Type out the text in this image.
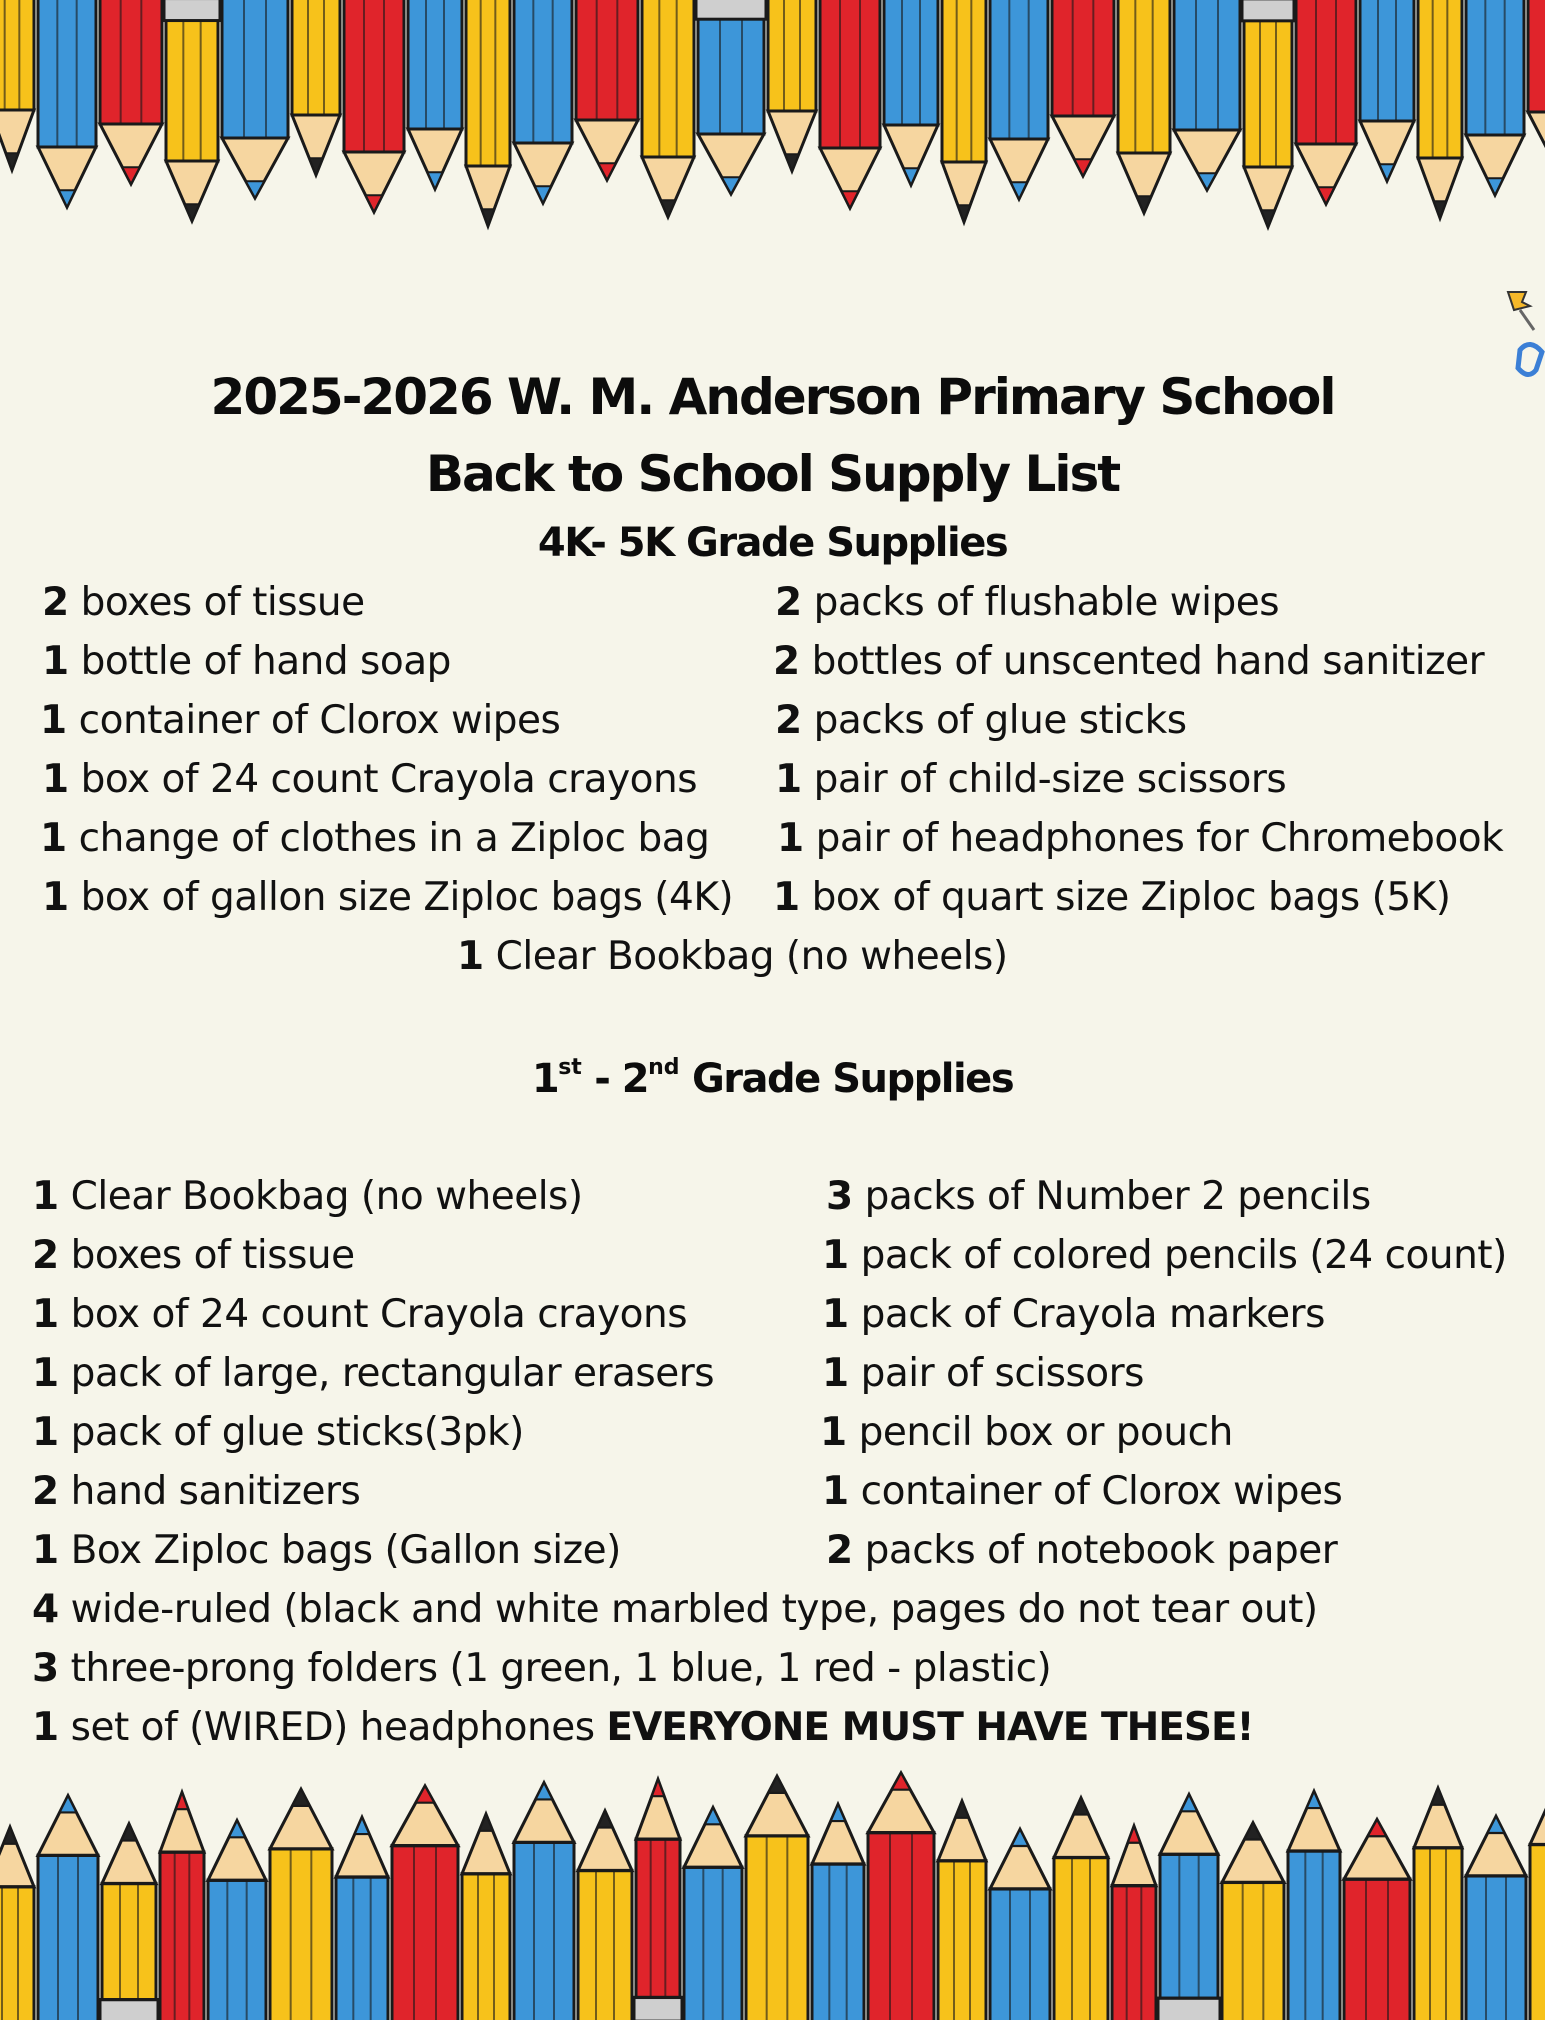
2025-2026 W. M. Anderson Primary School
Back to School Supply List
4K- 5K Grade Supplies
2 boxes of tissue
1 bottle of hand soap
1 container of Clorox wipes
1 box of 24 count Crayola crayons
1 change of clothes in a Ziploc bag
1 box of gallon size Ziploc bags (4K)
2 packs of flushable wipes
2 bottles of unscented hand sanitizer
2 packs of glue sticks
1 pair of child-size scissors
1 pair of headphones for Chromebook
1 box of quart size Ziploc bags (5K)
1 Clear Bookbag (no wheels)
1st - 2nd Grade Supplies
1 Clear Bookbag (no wheels)
2 boxes of tissue
1 box of 24 count Crayola crayons
1 pack of large, rectangular erasers
1 pack of glue sticks(3pk)
2 hand sanitizers
1 Box Ziploc bags (Gallon size)
3 packs of Number 2 pencils
1 pack of colored pencils (24 count)
1 pack of Crayola markers
1 pair of scissors
1 pencil box or pouch
1 container of Clorox wipes
2 packs of notebook paper
4 wide-ruled (black and white marbled type, pages do not tear out)
3 three-prong folders (1 green, 1 blue, 1 red - plastic)
1 set of (WIRED) headphones EVERYONE MUST HAVE THESE!
